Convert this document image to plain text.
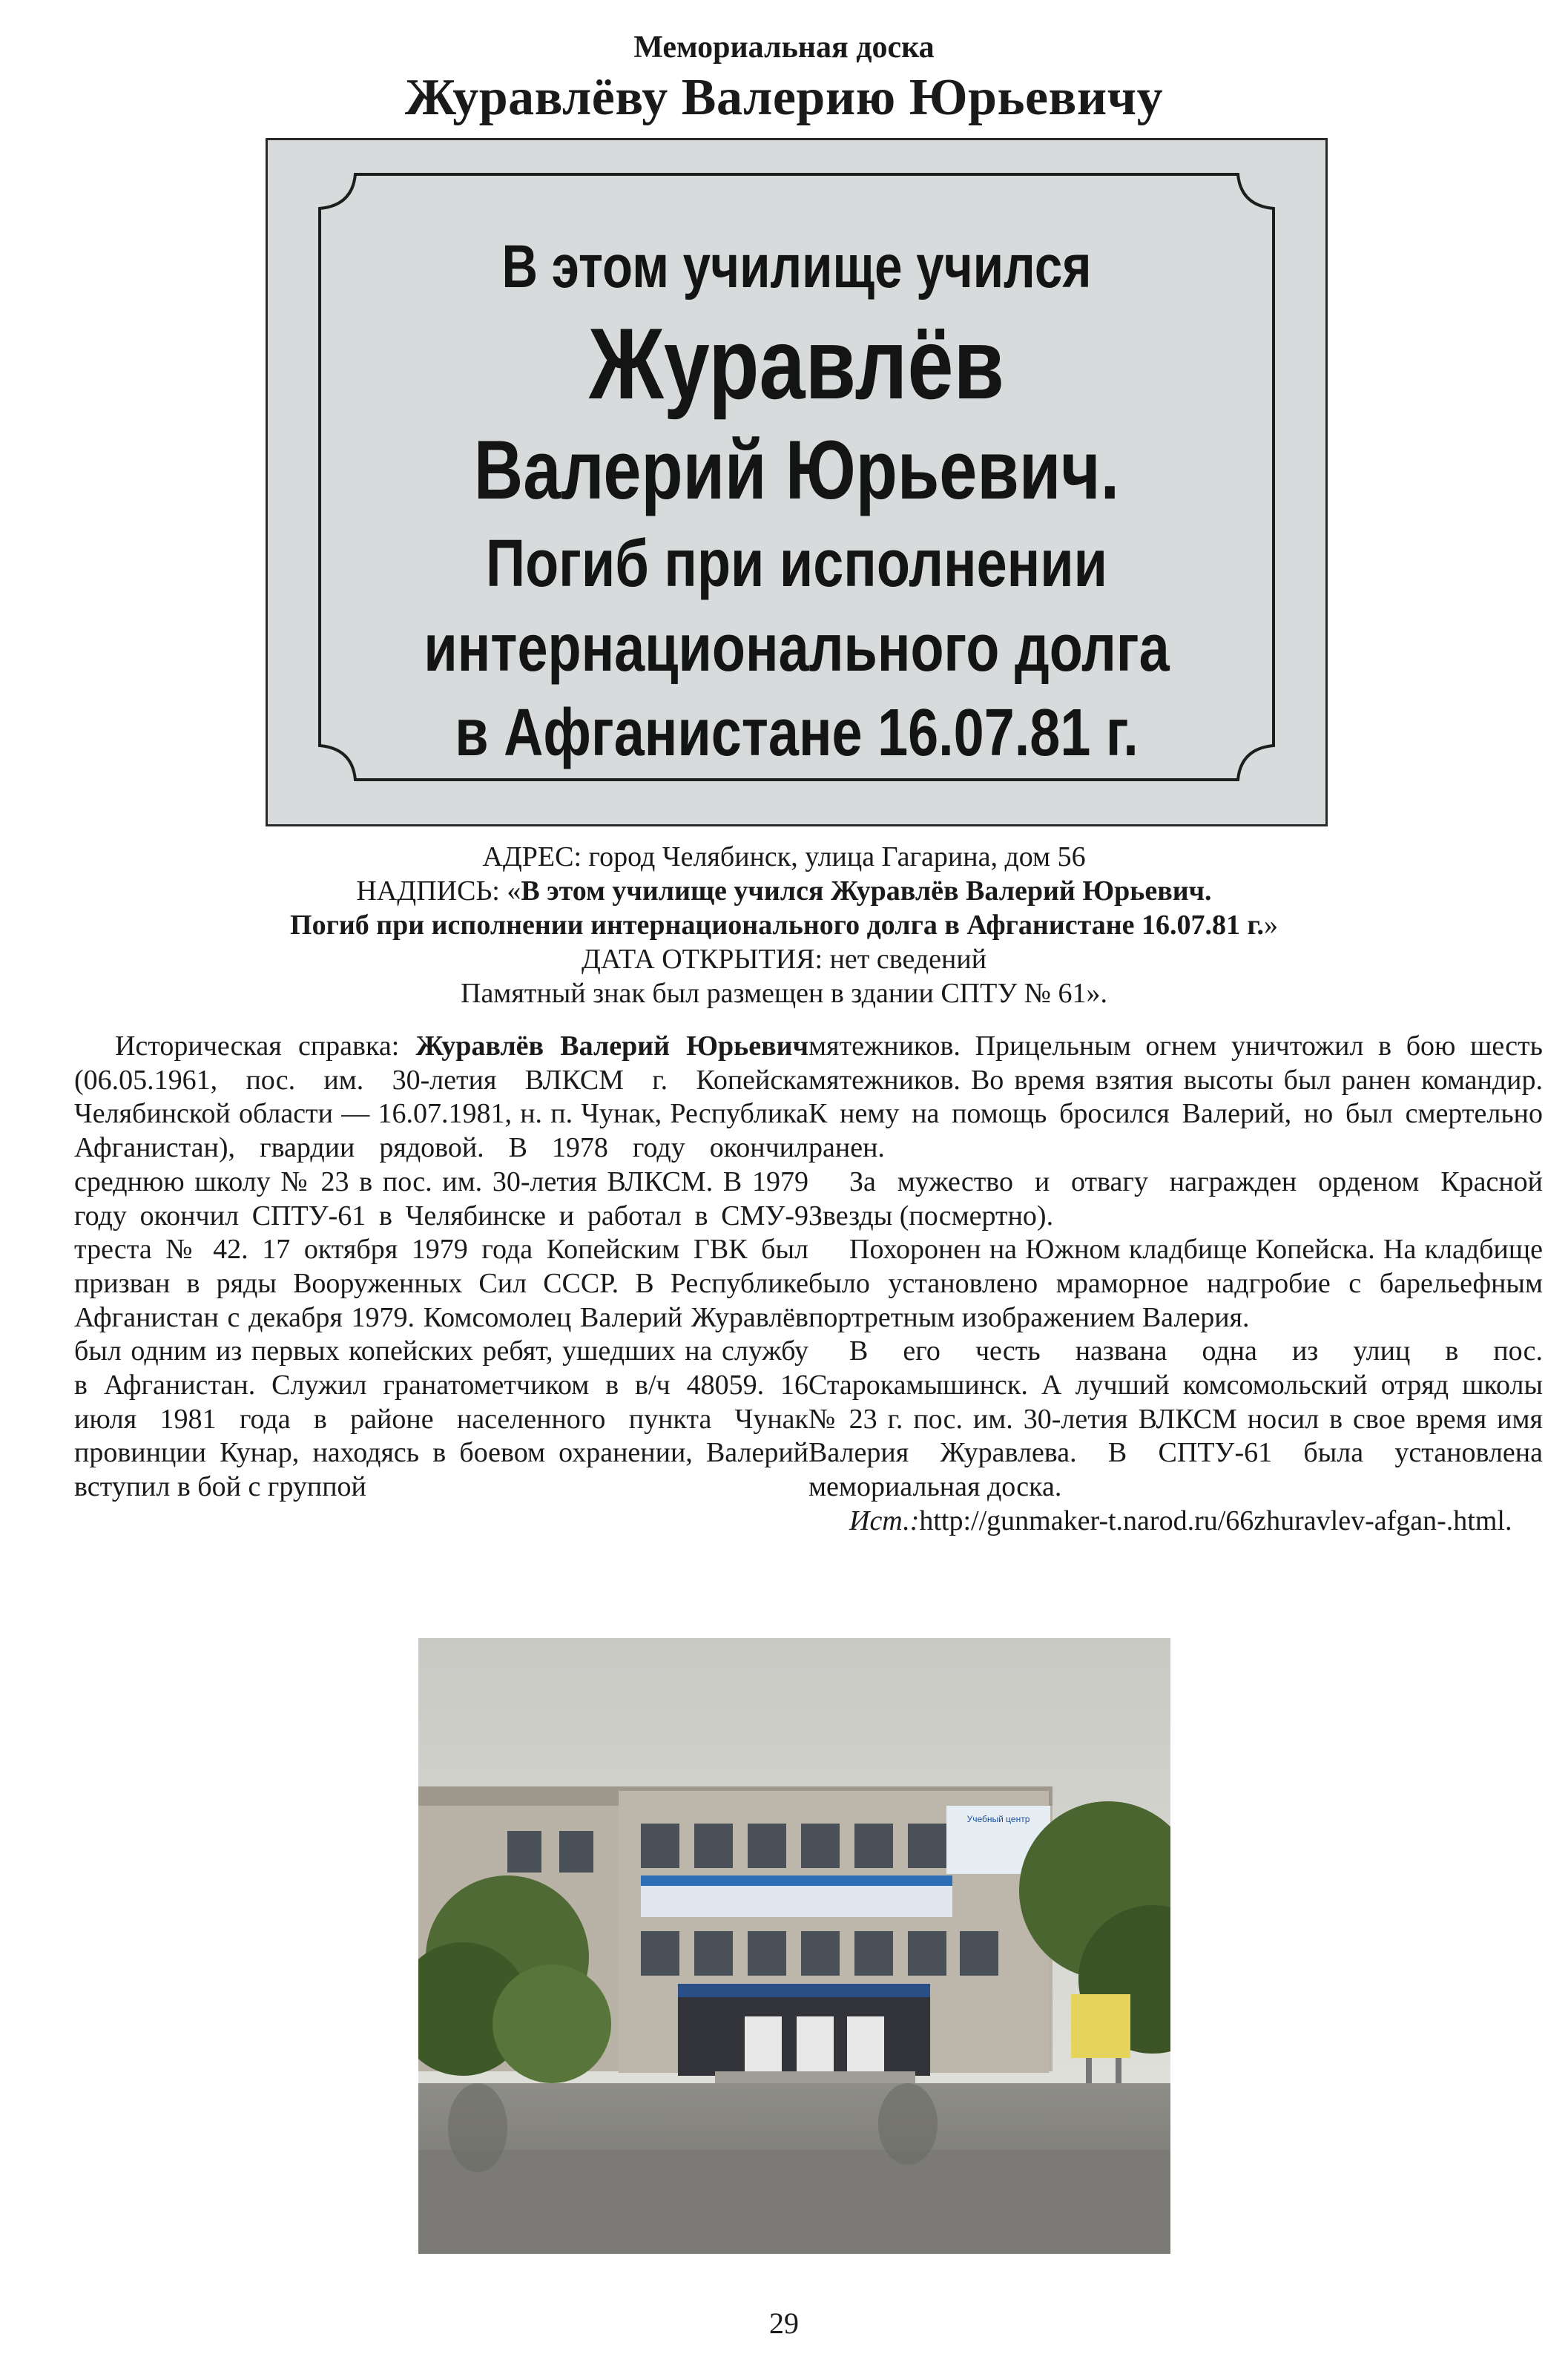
Мемориальная доска
Журавлёву Валерию Юрьевичу
В этом училище учился
Журавлёв
Валерий Юрьевич.
Погиб при исполнении
интернационального долга
в Афганистане 16.07.81 г.
АДРЕС: город Челябинск, улица Гагарина, дом 56
НАДПИСЬ: «В этом училище учился Журавлёв Валерий Юрьевич.
Погиб при исполнении интернационального долга в Афганистане 16.07.81 г.»
ДАТА ОТКРЫТИЯ: нет сведений
Памятный знак был размещен в здании СПТУ № 61».

Историческая справка: Журавлёв Валерий Юрьевич (06.05.1961, пос. им. 30-летия ВЛКСМ г. Копейска Челябинской области — 16.07.1981, н. п. Чунак, Республика Афганистан), гвардии рядовой. В 1978 году окончил среднюю школу № 23 в пос. им. 30-летия ВЛКСМ. В 1979 году окончил СПТУ-61 в Челябинске и работал в СМУ-9 треста № 42. 17 октября 1979 года Копейским ГВК был призван в ряды Вооруженных Сил СССР. В Республике Афганистан с декабря 1979. Комсомолец Валерий Журавлёв был одним из первых копейских ребят, ушедших на службу в Афганистан. Служил гранатометчиком в в/ч 48059. 16 июля 1981 года в районе населенного пункта Чунак провинции Кунар, находясь в боевом охранении, Валерий вступил в бой с группой

мятежников. Прицельным огнем уничтожил в бою шесть мятежников. Во время взятия высоты был ранен командир. К нему на помощь бросился Валерий, но был смертельно ранен.

За мужество и отвагу награжден орденом Красной Звезды (посмертно).

Похоронен на Южном кладбище Копейска. На кладбище было установлено мраморное надгробие с барельефным портретным изображением Валерия.

В его честь названа одна из улиц в пос. Старокамышинск. А лучший комсомольский отряд школы № 23 г. пос. им. 30-летия ВЛКСМ носил в свое время имя Валерия Журавлева. В СПТУ-61 была установлена мемориальная доска.

Ист.:http://gunmaker-t.narod.ru/66zhuravlev-afgan-.html.

Учебный центр
29
